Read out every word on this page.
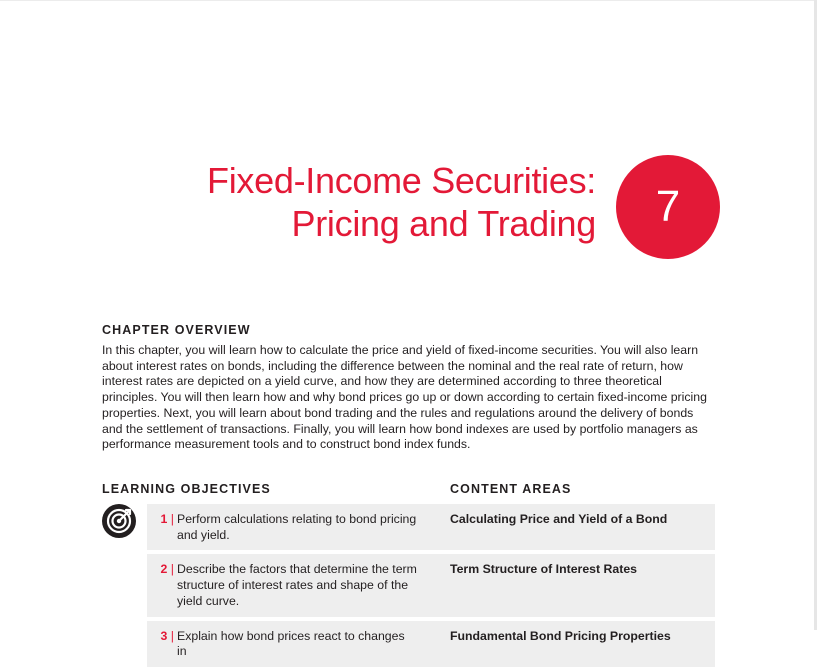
Fixed-Income Securities:
Pricing and Trading	7
CHAPTER OVERVIEW

In this chapter, you will learn how to calculate the price and yield of fixed-income securities. You will also learn about interest rates on bonds, including the difference between the nominal and the real rate of return, how interest rates are depicted on a yield curve, and how they are determined according to three theoretical principles. You will then learn how and why bond prices go up or down according to certain fixed-income pricing properties. Next, you will learn about bond trading and the rules and regulations around the delivery of bonds and the settlement of transactions. Finally, you will learn how bond indexes are used by portfolio managers as performance measurement tools and to construct bond index funds.

LEARNING OBJECTIVES	CONTENT AREAS
1 | Perform calculations relating to bond pricing and yield.
Calculating Price and Yield of a Bond
2 | Describe the factors that determine the term structure of interest rates and shape of the yield curve.
Term Structure of Interest Rates
3 | Explain how bond prices react to changes in
Fundamental Bond Pricing Properties
